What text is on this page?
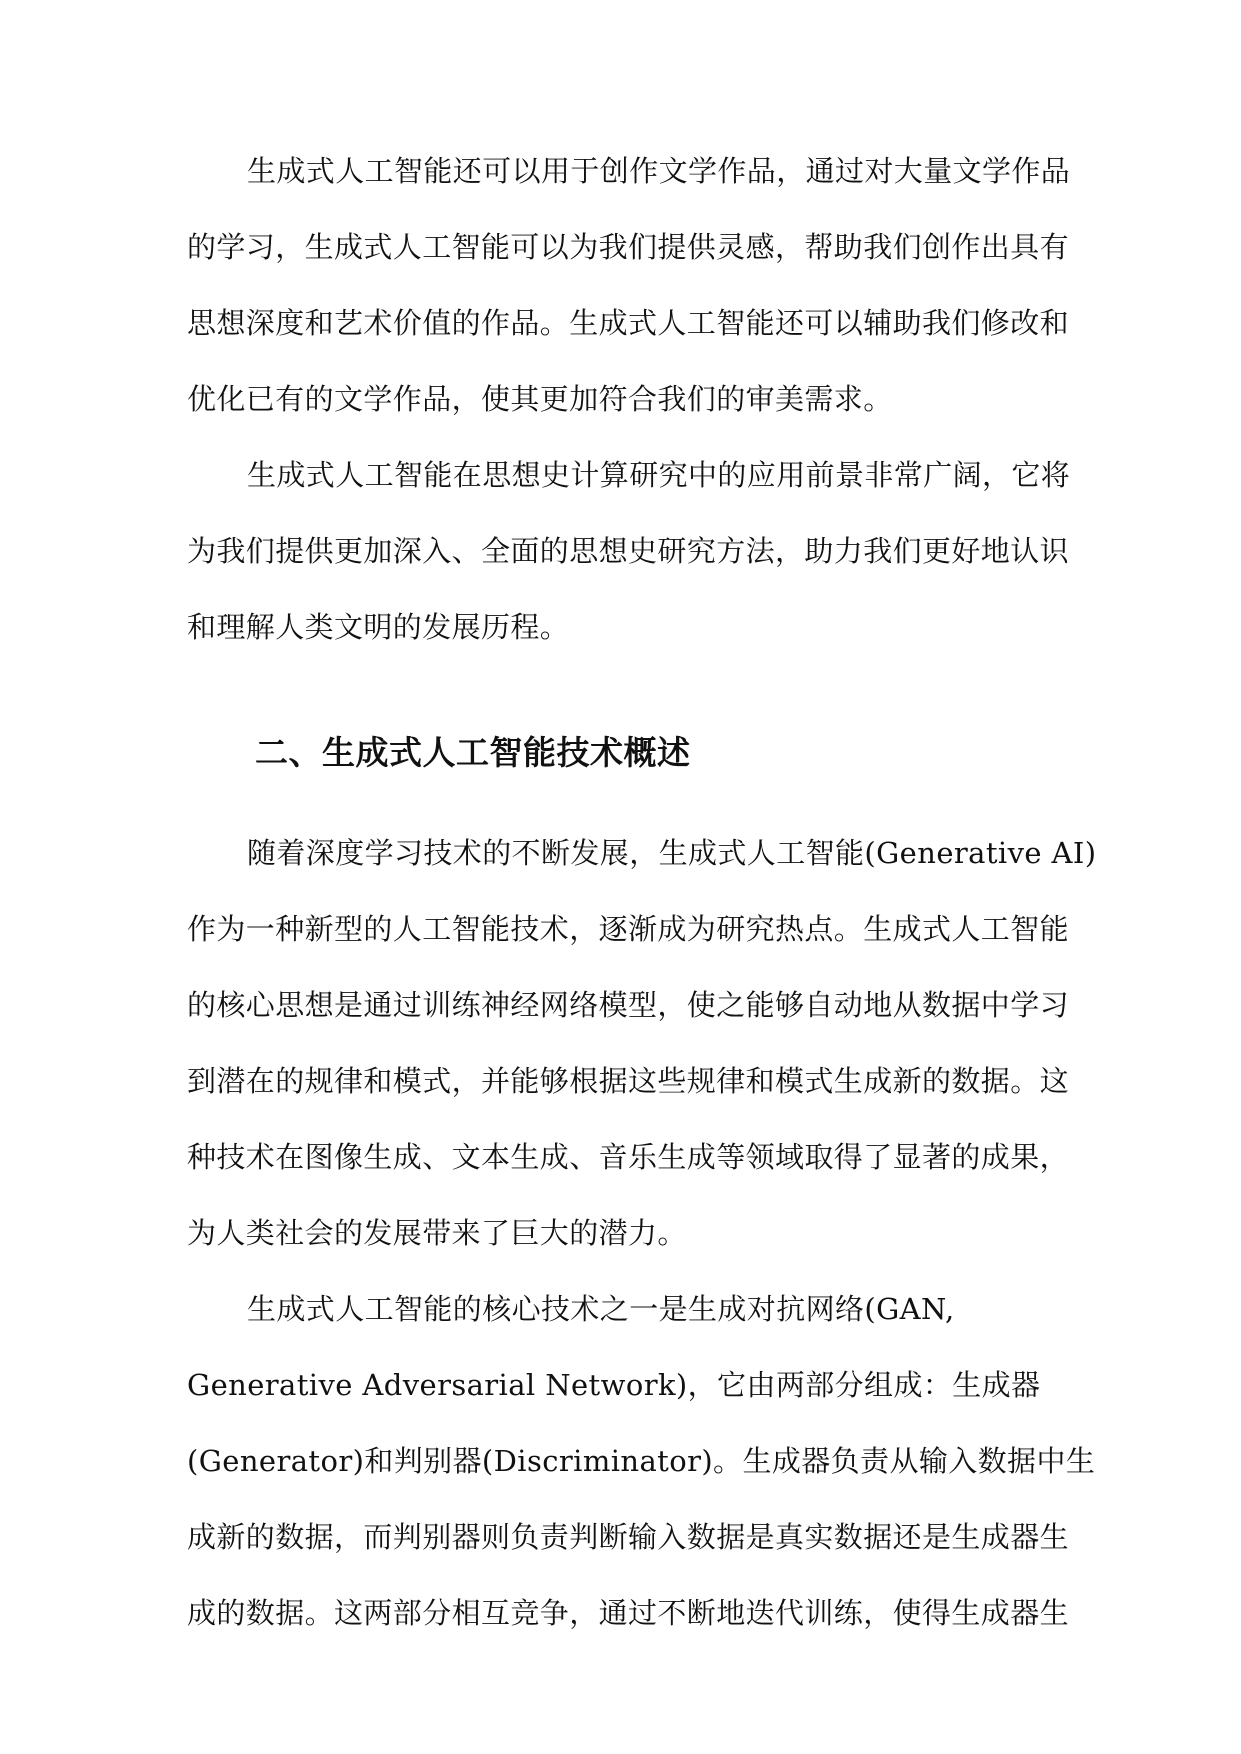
生成式人工智能还可以用于创作文学作品，通过对大量文学作品
的学习，生成式人工智能可以为我们提供灵感，帮助我们创作出具有
思想深度和艺术价值的作品。生成式人工智能还可以辅助我们修改和
优化已有的文学作品，使其更加符合我们的审美需求。
生成式人工智能在思想史计算研究中的应用前景非常广阔，它将
为我们提供更加深入、全面的思想史研究方法，助力我们更好地认识
和理解人类文明的发展历程。
二、生成式人工智能技术概述
随着深度学习技术的不断发展，生成式人工智能(Generative AI)
作为一种新型的人工智能技术，逐渐成为研究热点。生成式人工智能
的核心思想是通过训练神经网络模型，使之能够自动地从数据中学习
到潜在的规律和模式，并能够根据这些规律和模式生成新的数据。这
种技术在图像生成、文本生成、音乐生成等领域取得了显著的成果，
为人类社会的发展带来了巨大的潜力。
生成式人工智能的核心技术之一是生成对抗网络(GAN,
Generative Adversarial Network)，它由两部分组成：生成器
(Generator)和判别器(Discriminator)。生成器负责从输入数据中生
成新的数据，而判别器则负责判断输入数据是真实数据还是生成器生
成的数据。这两部分相互竞争，通过不断地迭代训练，使得生成器生
